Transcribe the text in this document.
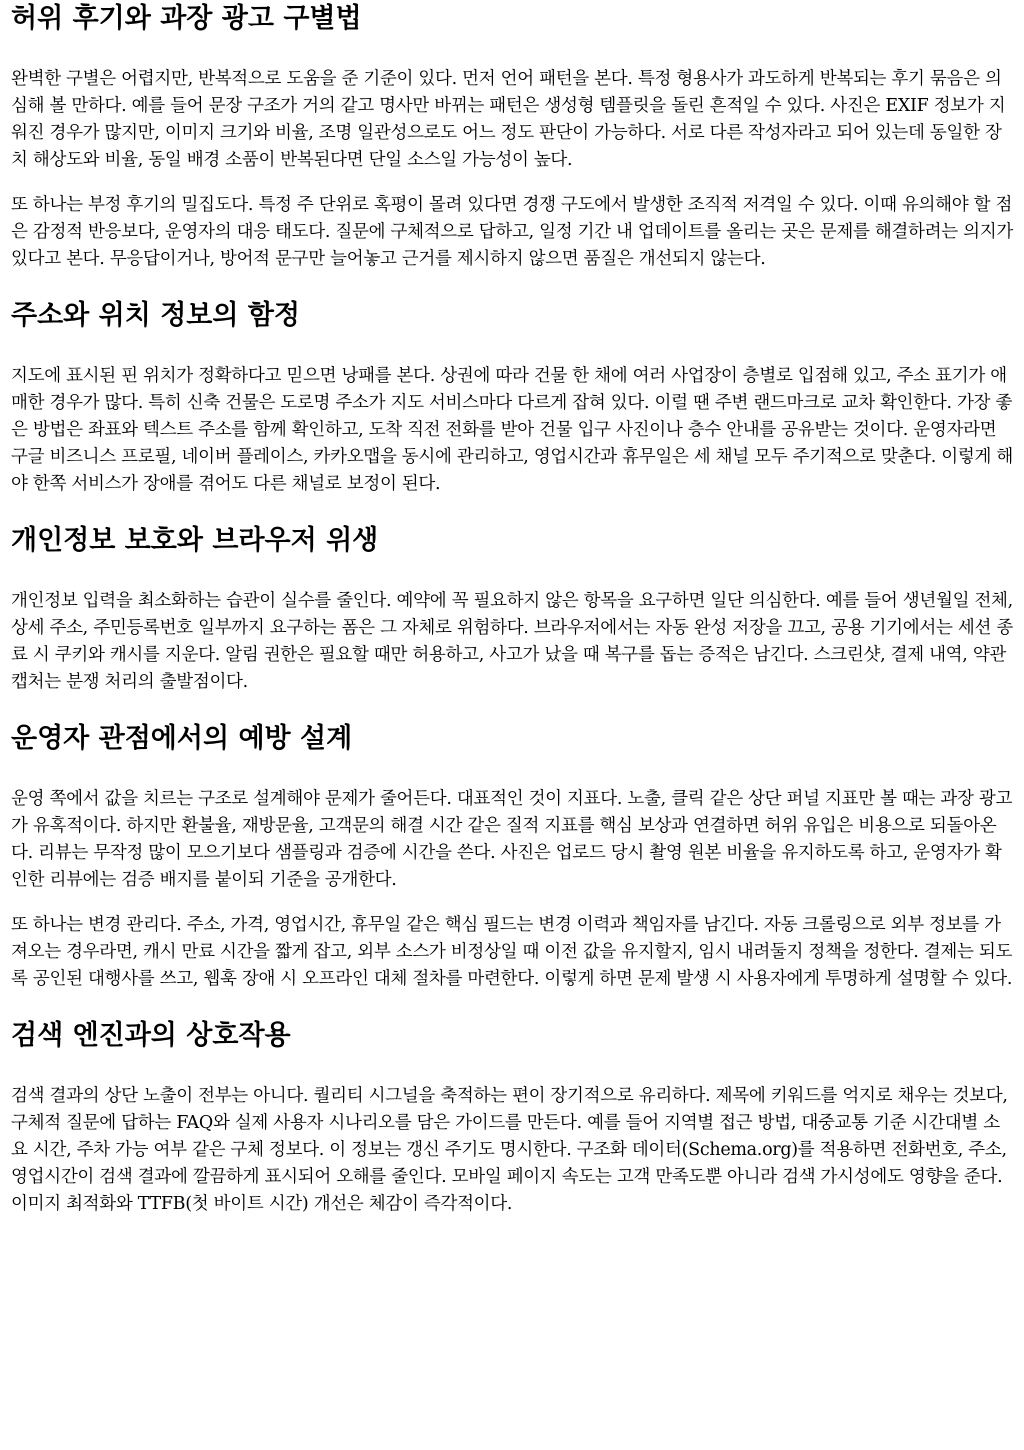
허위 후기와 과장 광고 구별법

완벽한 구별은 어렵지만, 반복적으로 도움을 준 기준이 있다. 먼저 언어 패턴을 본다. 특정 형용사가 과도하게 반복되는 후기 묶음은 의심해 볼 만하다. 예를 들어 문장 구조가 거의 같고 명사만 바뀌는 패턴은 생성형 템플릿을 돌린 흔적일 수 있다. 사진은 EXIF 정보가 지워진 경우가 많지만, 이미지 크기와 비율, 조명 일관성으로도 어느 정도 판단이 가능하다. 서로 다른 작성자라고 되어 있는데 동일한 장치 해상도와 비율, 동일 배경 소품이 반복된다면 단일 소스일 가능성이 높다.

또 하나는 부정 후기의 밀집도다. 특정 주 단위로 혹평이 몰려 있다면 경쟁 구도에서 발생한 조직적 저격일 수 있다. 이때 유의해야 할 점은 감정적 반응보다, 운영자의 대응 태도다. 질문에 구체적으로 답하고, 일정 기간 내 업데이트를 올리는 곳은 문제를 해결하려는 의지가 있다고 본다. 무응답이거나, 방어적 문구만 늘어놓고 근거를 제시하지 않으면 품질은 개선되지 않는다.

주소와 위치 정보의 함정

지도에 표시된 핀 위치가 정확하다고 믿으면 낭패를 본다. 상권에 따라 건물 한 채에 여러 사업장이 층별로 입점해 있고, 주소 표기가 애매한 경우가 많다. 특히 신축 건물은 도로명 주소가 지도 서비스마다 다르게 잡혀 있다. 이럴 땐 주변 랜드마크로 교차 확인한다. 가장 좋은 방법은 좌표와 텍스트 주소를 함께 확인하고, 도착 직전 전화를 받아 건물 입구 사진이나 층수 안내를 공유받는 것이다. 운영자라면 구글 비즈니스 프로필, 네이버 플레이스, 카카오맵을 동시에 관리하고, 영업시간과 휴무일은 세 채널 모두 주기적으로 맞춘다. 이렇게 해야 한쪽 서비스가 장애를 겪어도 다른 채널로 보정이 된다.

개인정보 보호와 브라우저 위생

개인정보 입력을 최소화하는 습관이 실수를 줄인다. 예약에 꼭 필요하지 않은 항목을 요구하면 일단 의심한다. 예를 들어 생년월일 전체, 상세 주소, 주민등록번호 일부까지 요구하는 폼은 그 자체로 위험하다. 브라우저에서는 자동 완성 저장을 끄고, 공용 기기에서는 세션 종료 시 쿠키와 캐시를 지운다. 알림 권한은 필요할 때만 허용하고, 사고가 났을 때 복구를 돕는 증적은 남긴다. 스크린샷, 결제 내역, 약관 캡처는 분쟁 처리의 출발점이다.

운영자 관점에서의 예방 설계

운영 쪽에서 값을 치르는 구조로 설계해야 문제가 줄어든다. 대표적인 것이 지표다. 노출, 클릭 같은 상단 퍼널 지표만 볼 때는 과장 광고가 유혹적이다. 하지만 환불율, 재방문율, 고객문의 해결 시간 같은 질적 지표를 핵심 보상과 연결하면 허위 유입은 비용으로 되돌아온다. 리뷰는 무작정 많이 모으기보다 샘플링과 검증에 시간을 쓴다. 사진은 업로드 당시 촬영 원본 비율을 유지하도록 하고, 운영자가 확인한 리뷰에는 검증 배지를 붙이되 기준을 공개한다.

또 하나는 변경 관리다. 주소, 가격, 영업시간, 휴무일 같은 핵심 필드는 변경 이력과 책임자를 남긴다. 자동 크롤링으로 외부 정보를 가져오는 경우라면, 캐시 만료 시간을 짧게 잡고, 외부 소스가 비정상일 때 이전 값을 유지할지, 임시 내려둘지 정책을 정한다. 결제는 되도록 공인된 대행사를 쓰고, 웹훅 장애 시 오프라인 대체 절차를 마련한다. 이렇게 하면 문제 발생 시 사용자에게 투명하게 설명할 수 있다.

검색 엔진과의 상호작용

검색 결과의 상단 노출이 전부는 아니다. 퀄리티 시그널을 축적하는 편이 장기적으로 유리하다. 제목에 키워드를 억지로 채우는 것보다, 구체적 질문에 답하는 FAQ와 실제 사용자 시나리오를 담은 가이드를 만든다. 예를 들어 지역별 접근 방법, 대중교통 기준 시간대별 소요 시간, 주차 가능 여부 같은 구체 정보다. 이 정보는 갱신 주기도 명시한다. 구조화 데이터(Schema.org)를 적용하면 전화번호, 주소, 영업시간이 검색 결과에 깔끔하게 표시되어 오해를 줄인다. 모바일 페이지 속도는 고객 만족도뿐 아니라 검색 가시성에도 영향을 준다. 이미지 최적화와 TTFB(첫 바이트 시간) 개선은 체감이 즉각적이다.
